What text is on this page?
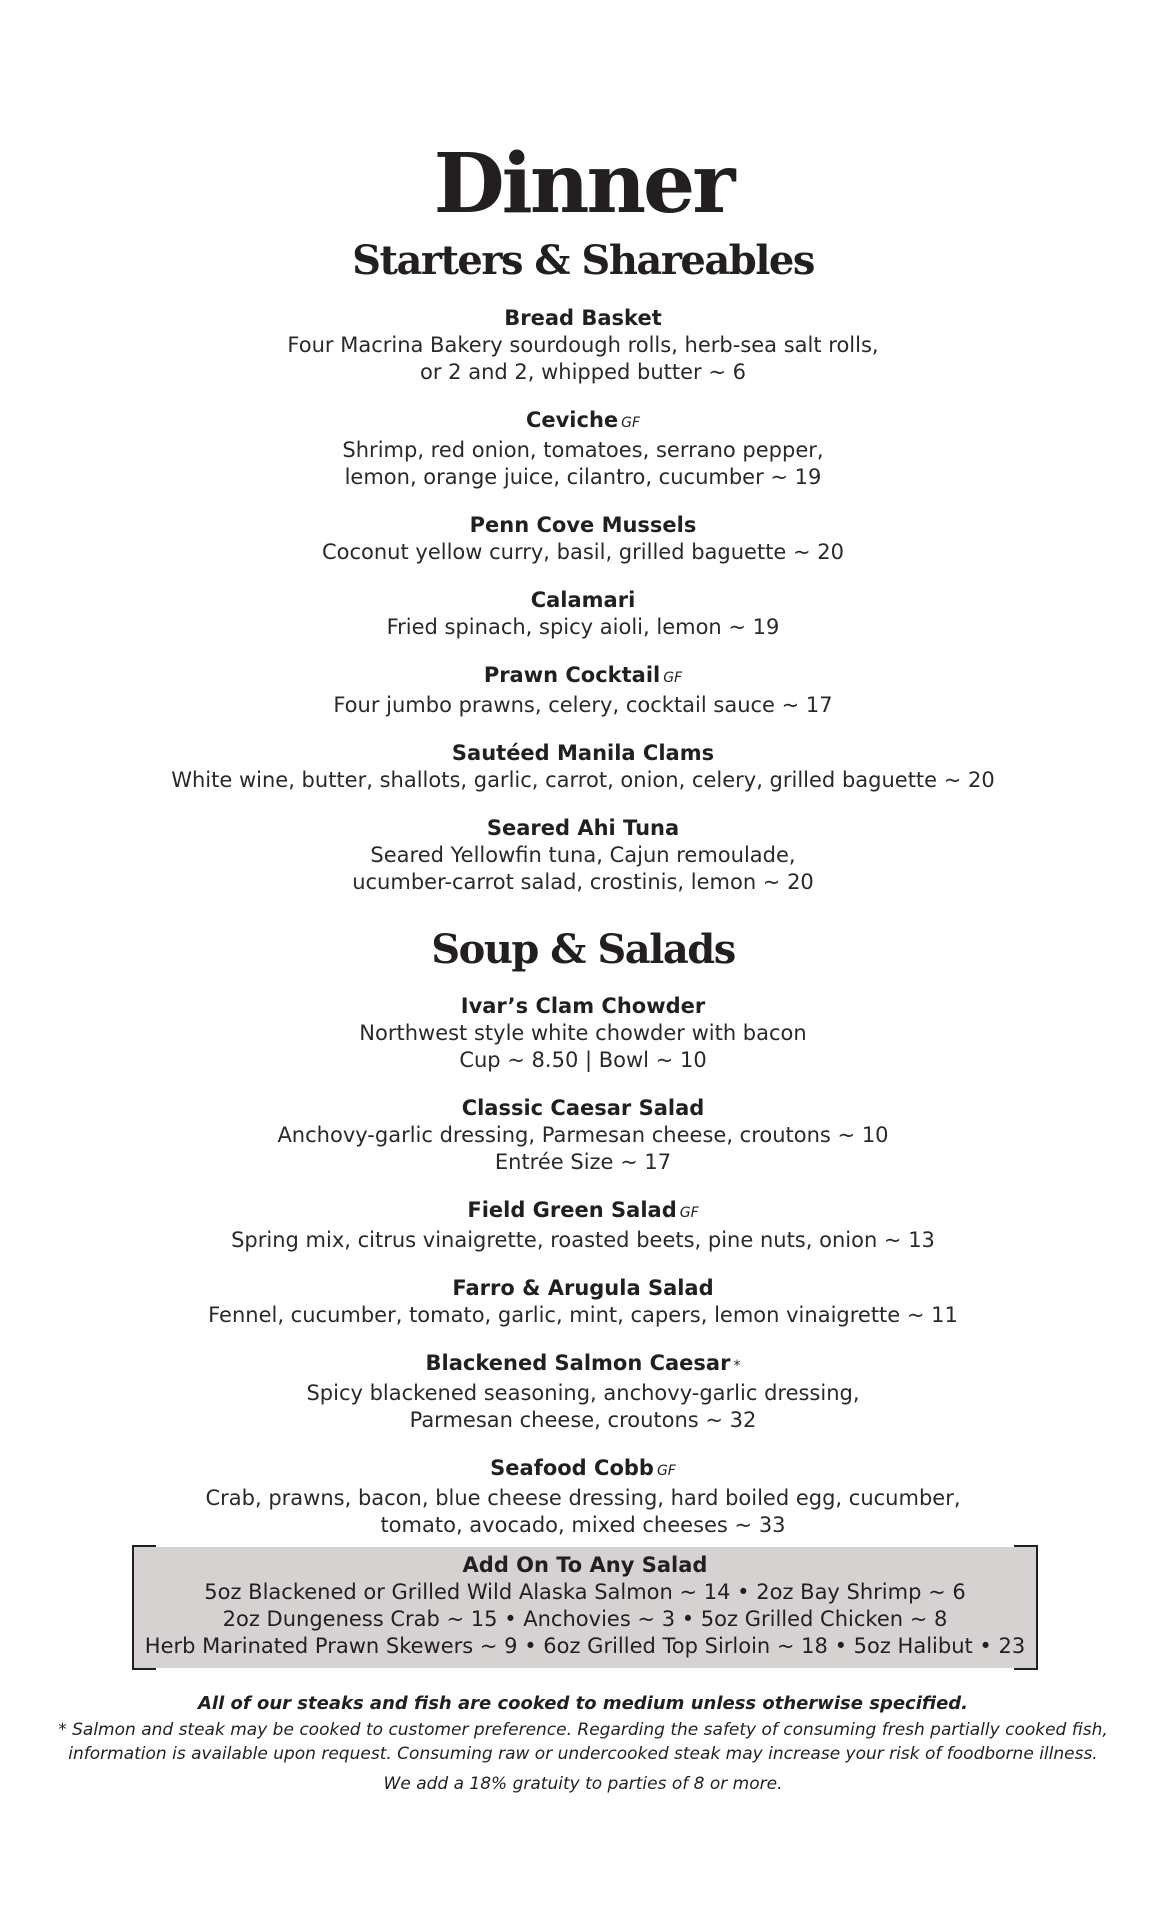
Dinner
Starters & Shareables
Bread Basket
Four Macrina Bakery sourdough rolls, herb-sea salt rolls,
or 2 and 2, whipped butter ~ 6
Ceviche GF
Shrimp, red onion, tomatoes, serrano pepper,
lemon, orange juice, cilantro, cucumber ~ 19
Penn Cove Mussels
Coconut yellow curry, basil, grilled baguette ~ 20
Calamari
Fried spinach, spicy aioli, lemon ~ 19
Prawn Cocktail GF
Four jumbo prawns, celery, cocktail sauce ~ 17
Sautéed Manila Clams
White wine, butter, shallots, garlic, carrot, onion, celery, grilled baguette ~ 20
Seared Ahi Tuna
Seared Yellowfin tuna, Cajun remoulade,
ucumber-carrot salad, crostinis, lemon ~ 20
Soup & Salads
Ivar’s Clam Chowder
Northwest style white chowder with bacon
Cup ~ 8.50 | Bowl ~ 10
Classic Caesar Salad
Anchovy-garlic dressing, Parmesan cheese, croutons ~ 10
Entrée Size ~ 17
Field Green Salad GF
Spring mix, citrus vinaigrette, roasted beets, pine nuts, onion ~ 13
Farro & Arugula Salad
Fennel, cucumber, tomato, garlic, mint, capers, lemon vinaigrette ~ 11
Blackened Salmon Caesar *
Spicy blackened seasoning, anchovy-garlic dressing,
Parmesan cheese, croutons ~ 32
Seafood Cobb GF
Crab, prawns, bacon, blue cheese dressing, hard boiled egg, cucumber,
tomato, avocado, mixed cheeses ~ 33
Add On To Any Salad
5oz Blackened or Grilled Wild Alaska Salmon ~ 14 • 2oz Bay Shrimp ~ 6
2oz Dungeness Crab ~ 15 • Anchovies ~ 3 • 5oz Grilled Chicken ~ 8
Herb Marinated Prawn Skewers ~ 9 • 6oz Grilled Top Sirloin ~ 18 • 5oz Halibut • 23
All of our steaks and fish are cooked to medium unless otherwise specified.
* Salmon and steak may be cooked to customer preference. Regarding the safety of consuming fresh partially cooked fish,
information is available upon request. Consuming raw or undercooked steak may increase your risk of foodborne illness.
We add a 18% gratuity to parties of 8 or more.
